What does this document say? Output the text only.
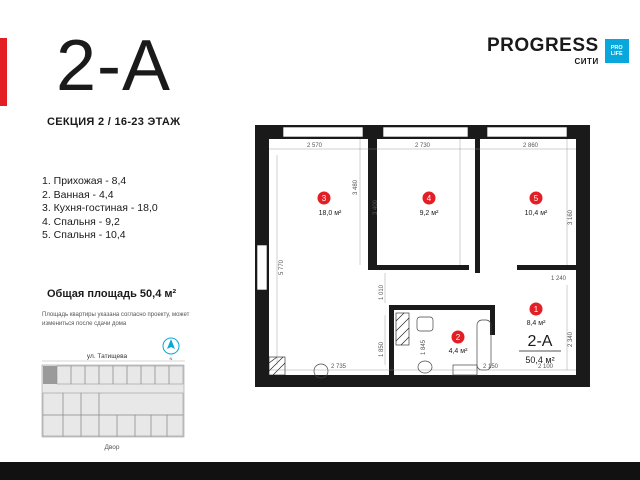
2-А
СЕКЦИЯ 2 / 16-23 ЭТАЖ
PROGRESS
СИТИ
PRO
LIFE
1. Прихожая - 8,4
2. Ванная - 4,4
3. Кухня-гостиная - 18,0
4. Спальня - 9,2
5. Спальня - 10,4
Общая площадь 50,4 м²
Площадь квартиры указана согласно проекту, может измениться после сдачи дома
2 570	2 730	2 860
3 480
3 400
3 160
5 770
1 010
1 850	1 845
1 240
2 340
2 735	2 150	2 100
3
18,0 м²
4
9,2 м²
5
10,4 м²
1
8,4 м²
2
4,4 м²
2-А
50,4 м²
N
ул. Татищева
Двор
